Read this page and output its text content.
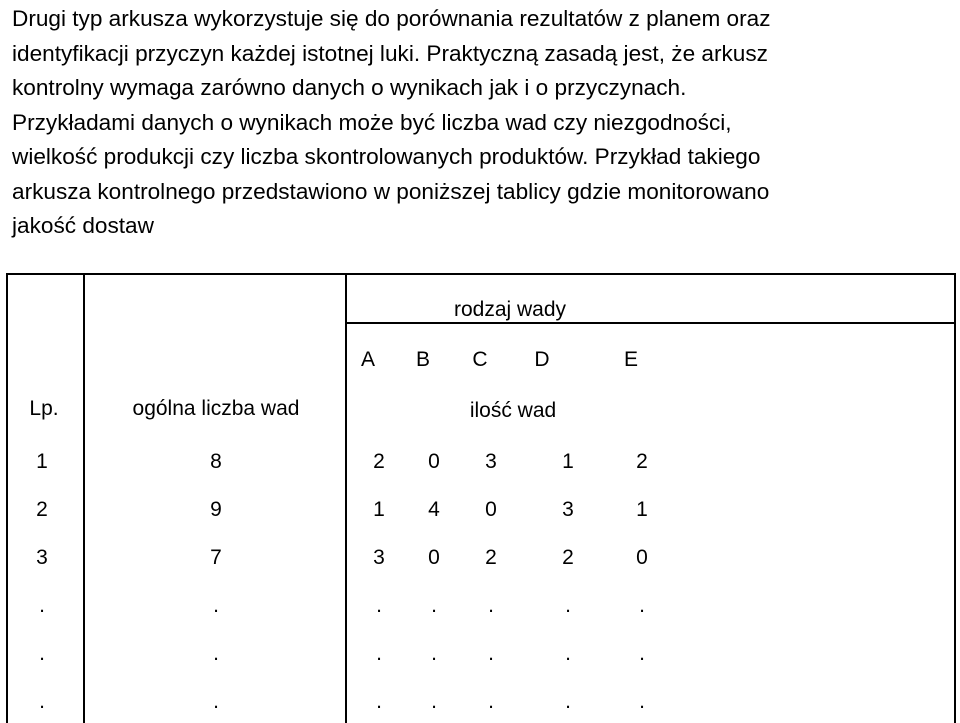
Drugi typ arkusza wykorzystuje się do porównania rezultatów z planem oraz
identyfikacji przyczyn każdej istotnej luki. Praktyczną zasadą jest, że arkusz
kontrolny wymaga zarówno danych o wynikach jak i o przyczynach.
Przykładami danych o wynikach może być liczba wad czy niezgodności,
wielkość produkcji czy liczba skontrolowanych produktów. Przykład takiego
arkusza kontrolnego przedstawiono w poniższej tablicy gdzie monitorowano
jakość dostaw

rodzaj wady
A B C D	E
Lp.	ogólna liczba wad	ilość wad
1	8	2 0 3	1	2
2	9	1 4 0	3	1
3	7	3 0 2	2	0
.	.	.	.	.	.	.
.	.	.	.	.	.	.
.	.	.	.	.	.	.
